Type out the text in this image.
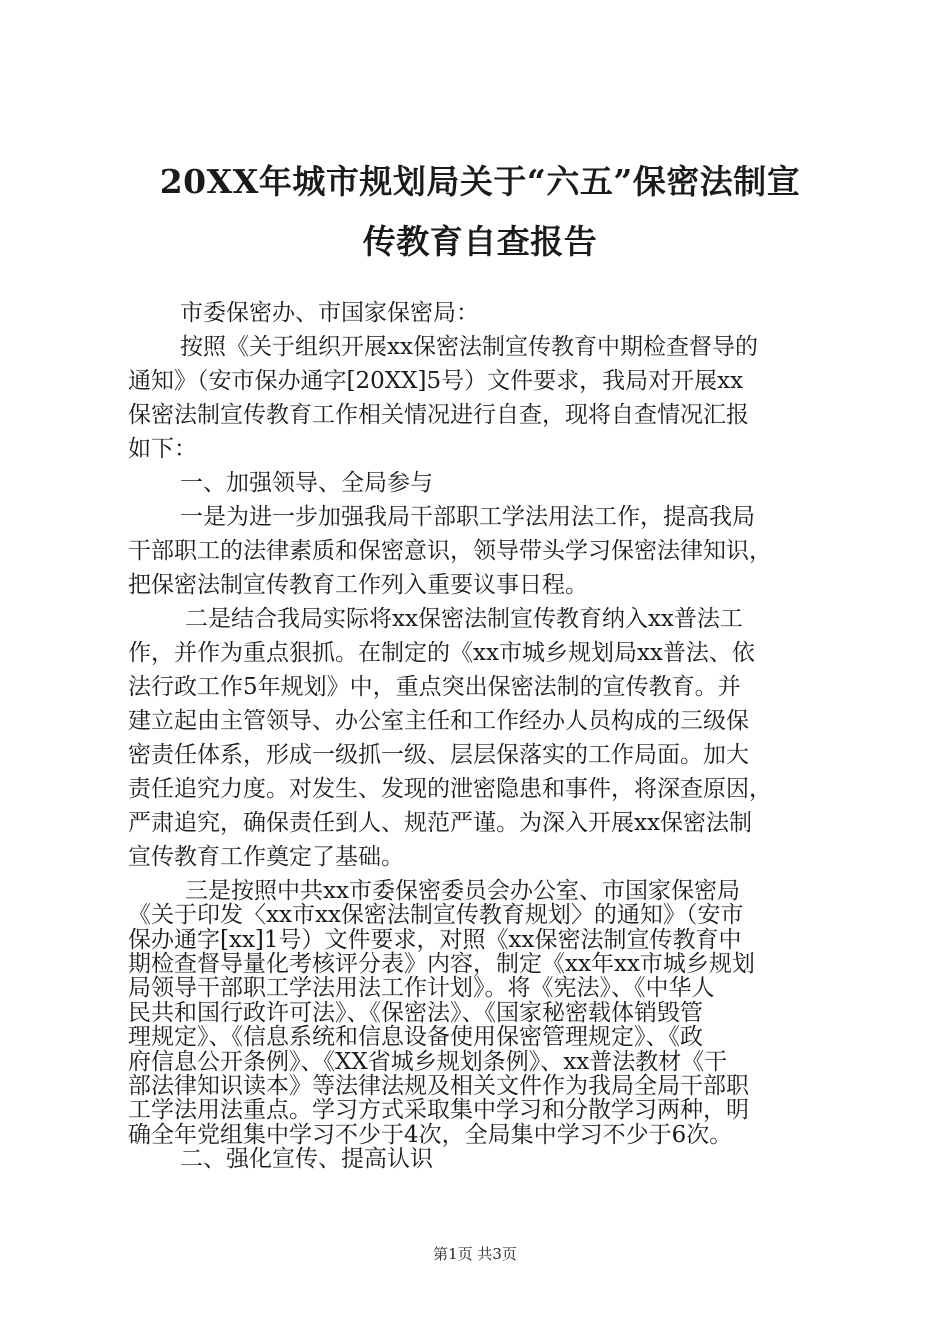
20XX年城市规划局关于“六五”保密法制宣
传教育自查报告
市委保密办、市国家保密局：
按照《关于组织开展xx保密法制宣传教育中期检查督导的
通知》（安市保办通字[20XX]5号）文件要求，我局对开展xx
保密法制宣传教育工作相关情况进行自查，现将自查情况汇报
如下：
一、加强领导、全局参与
一是为进一步加强我局干部职工学法用法工作，提高我局
干部职工的法律素质和保密意识，领导带头学习保密法律知识，
把保密法制宣传教育工作列入重要议事日程。
二是结合我局实际将xx保密法制宣传教育纳入xx普法工
作，并作为重点狠抓。在制定的《xx市城乡规划局xx普法、依
法行政工作5年规划》中，重点突出保密法制的宣传教育。并
建立起由主管领导、办公室主任和工作经办人员构成的三级保
密责任体系，形成一级抓一级、层层保落实的工作局面。加大
责任追究力度。对发生、发现的泄密隐患和事件，将深查原因，
严肃追究，确保责任到人、规范严谨。为深入开展xx保密法制
宣传教育工作奠定了基础。
三是按照中共xx市委保密委员会办公室、市国家保密局
《关于印发〈xx市xx保密法制宣传教育规划〉的通知》（安市
保办通字[xx]1号）文件要求，对照《xx保密法制宣传教育中
期检查督导量化考核评分表》内容，制定《xx年xx市城乡规划
局领导干部职工学法用法工作计划》。将《宪法》、《中华人
民共和国行政许可法》、《保密法》、《国家秘密载体销毁管
理规定》、《信息系统和信息设备使用保密管理规定》、《政
府信息公开条例》、《XX省城乡规划条例》、xx普法教材《干
部法律知识读本》等法律法规及相关文件作为我局全局干部职
工学法用法重点。学习方式采取集中学习和分散学习两种，明
确全年党组集中学习不少于4次，全局集中学习不少于6次。
二、强化宣传、提高认识
第1页 共3页
